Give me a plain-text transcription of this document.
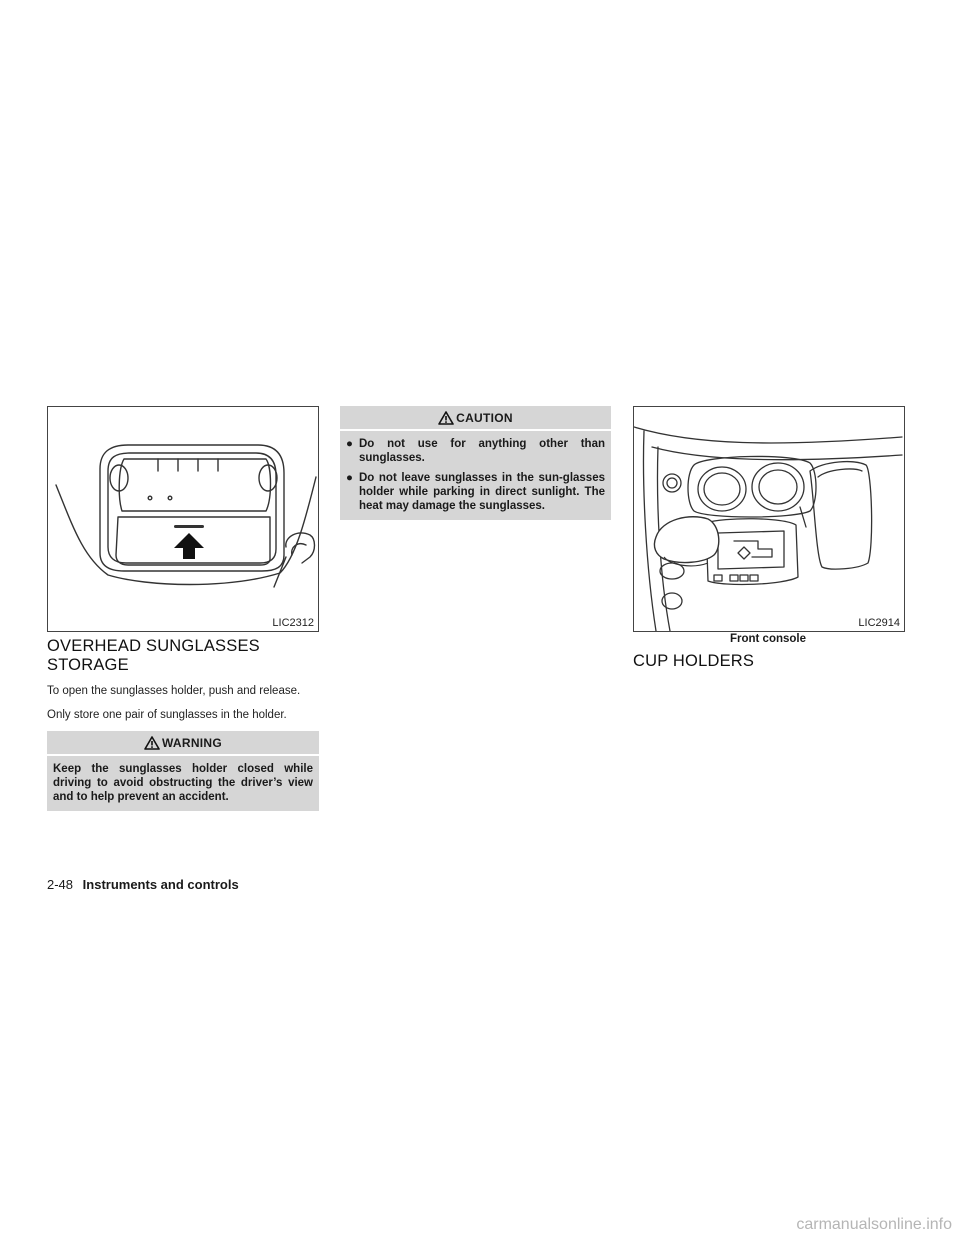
LIC2312
OVERHEAD SUNGLASSES STORAGE

To open the sunglasses holder, push and release.

Only store one pair of sunglasses in the holder.

WARNING
Keep the sunglasses holder closed while driving to avoid obstructing the driver’s view and to help prevent an accident.
CAUTION
● Do not use for anything other than sunglasses.
● Do not leave sunglasses in the sun-glasses holder while parking in direct sunlight. The heat may damage the sunglasses.
LIC2914
Front console
CUP HOLDERS
2-48 Instruments and controls
carmanualsonline.info
